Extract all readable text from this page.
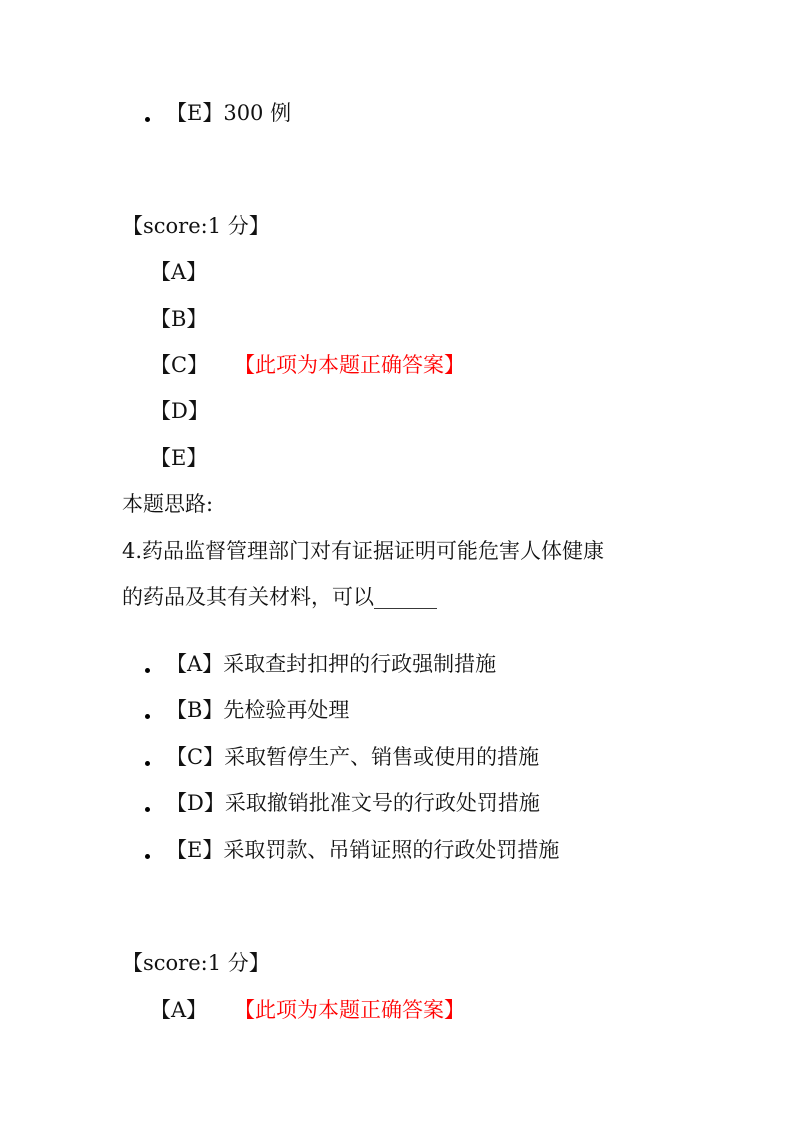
【E】300 例
【score:1 分】
【A】
【B】
【C】 【此项为本题正确答案】
【D】
【E】
本题思路:
4.药品监督管理部门对有证据证明可能危害人体健康
的药品及其有关材料，可以______
【A】采取查封扣押的行政强制措施
【B】先检验再处理
【C】采取暂停生产、销售或使用的措施
【D】采取撤销批准文号的行政处罚措施
【E】采取罚款、吊销证照的行政处罚措施
【score:1 分】
【A】 【此项为本题正确答案】
